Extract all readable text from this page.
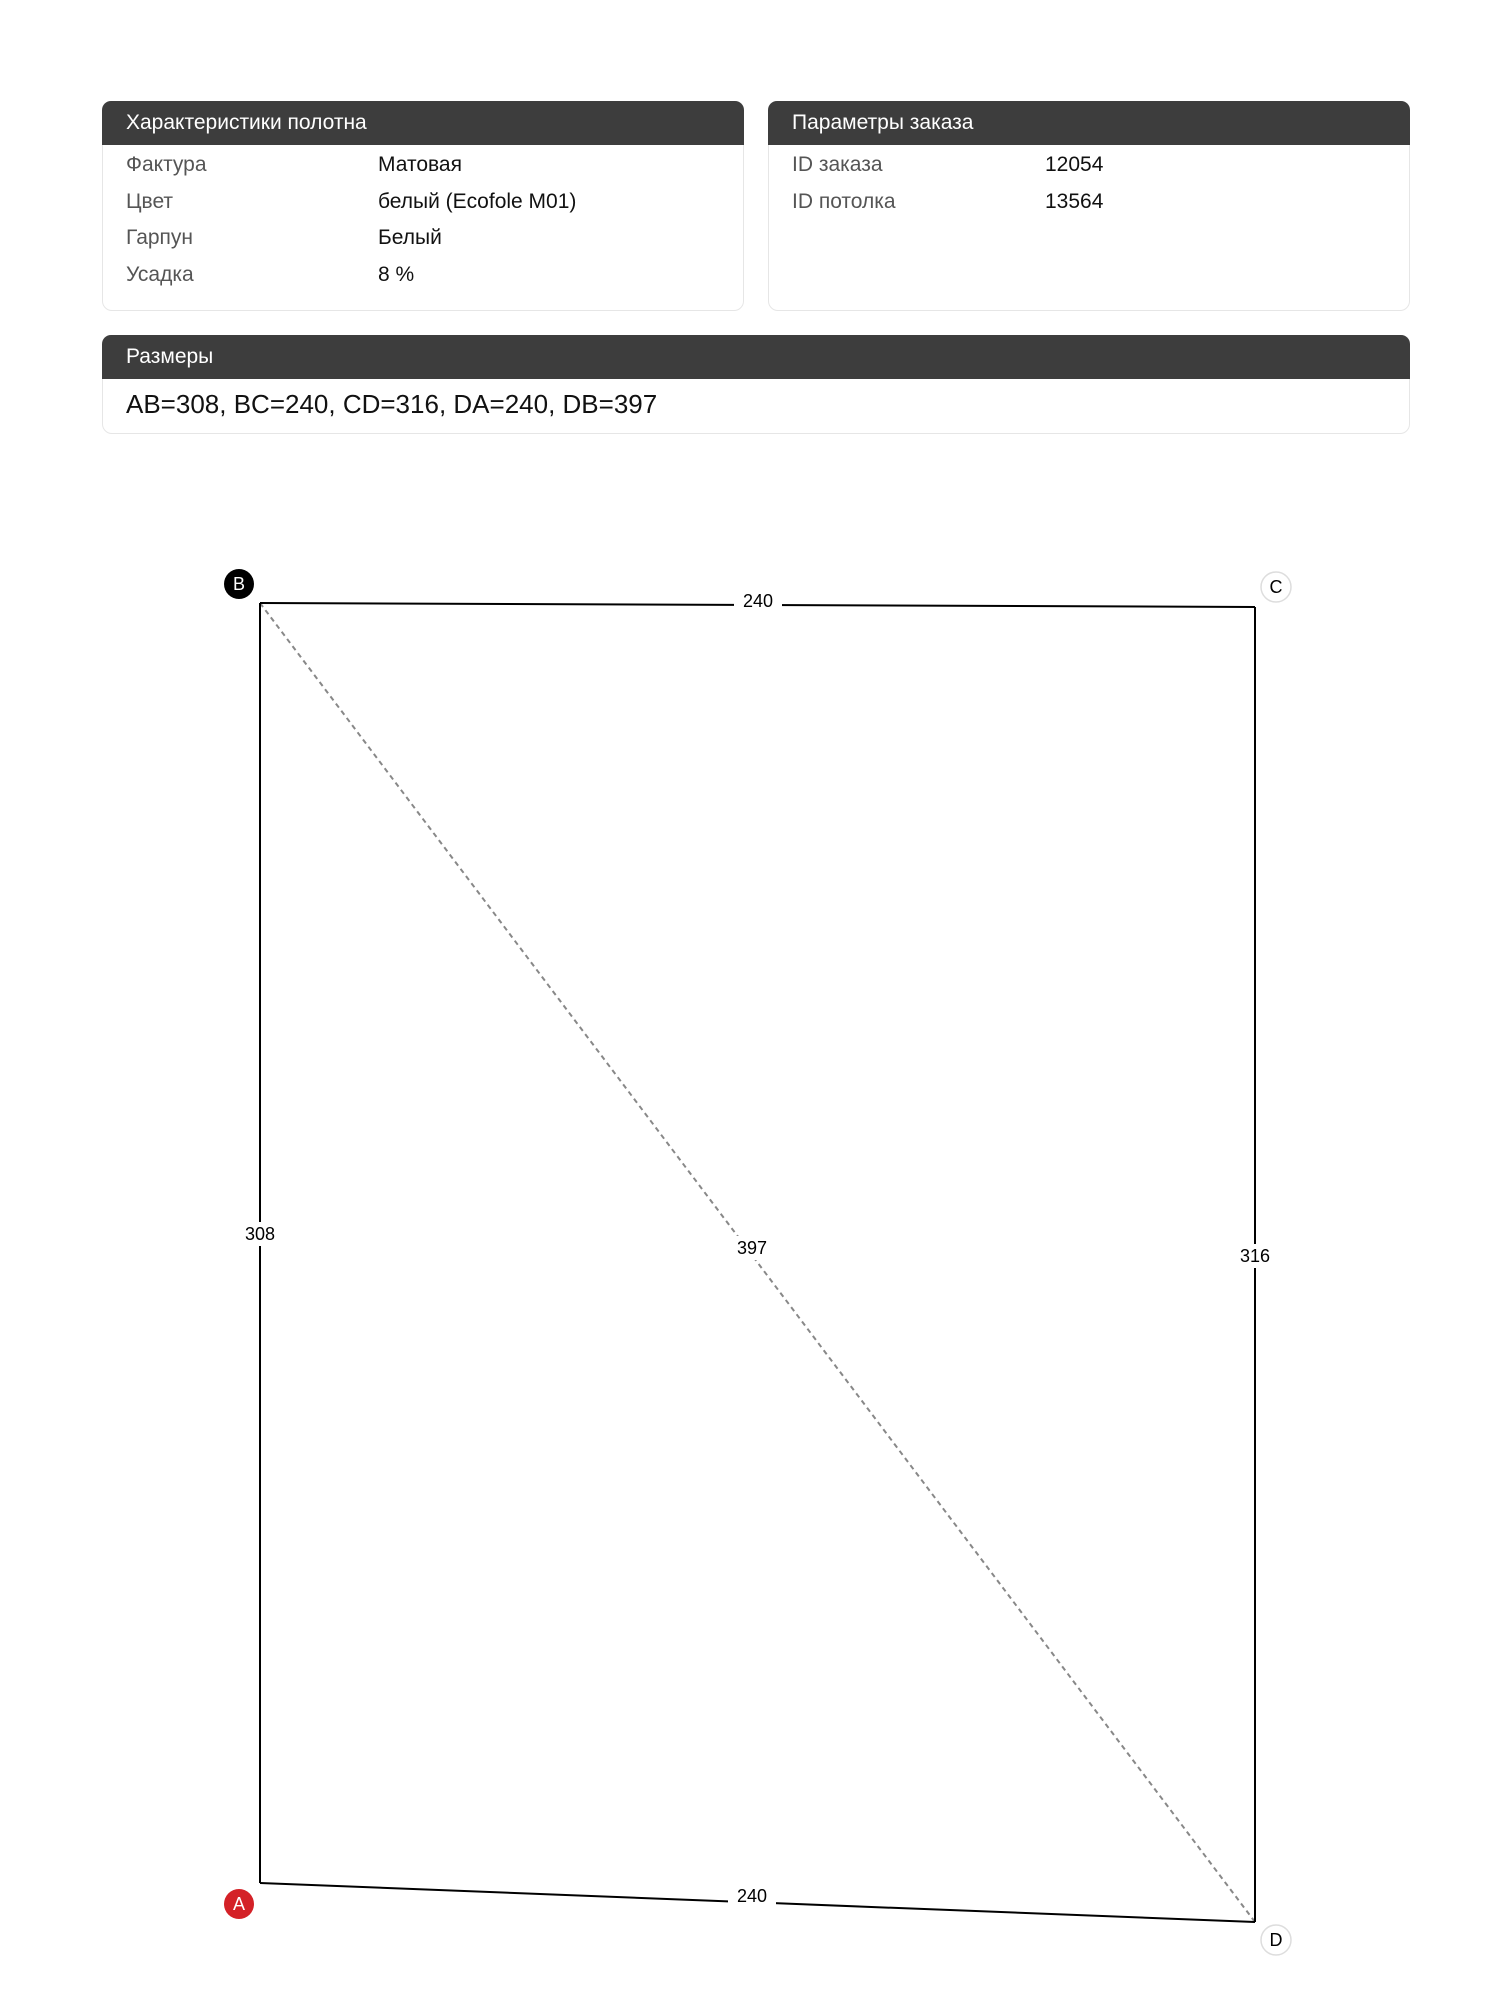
Характеристики полотна
Фактура	Матовая
Цвет	белый (Ecofole M01)
Гарпун	Белый
Усадка	8 %
Параметры заказа
ID заказа	12054
ID потолка	13564
Размеры
AB=308, BC=240, CD=316, DA=240, DB=397
308
240
316
240
397
A
B	C
D
